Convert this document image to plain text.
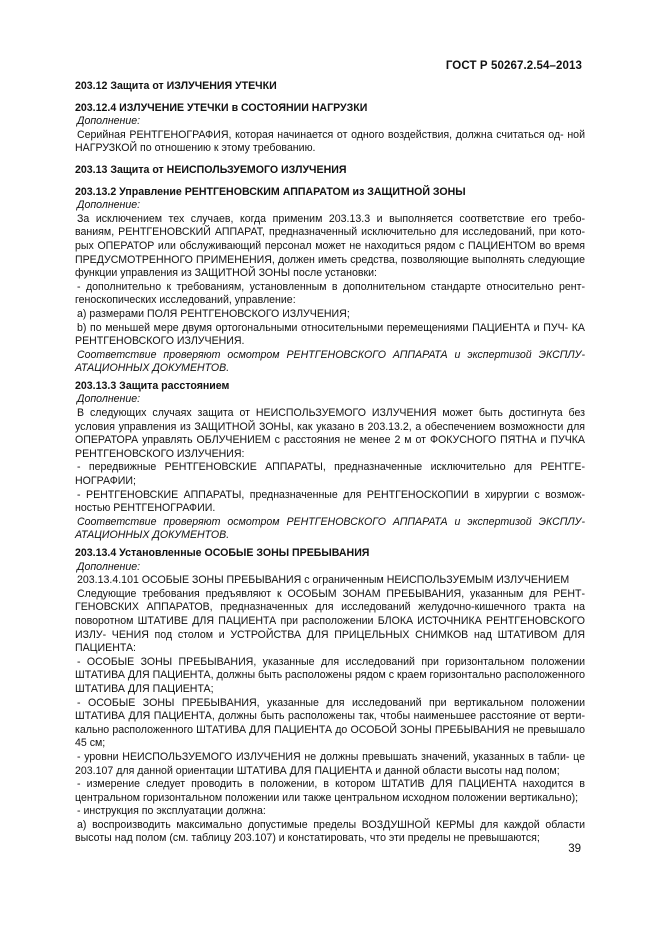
ГОСТ Р 50267.2.54–2013

203.12 Защита от ИЗЛУЧЕНИЯ УТЕЧКИ

203.12.4 ИЗЛУЧЕНИЕ УТЕЧКИ в СОСТОЯНИИ НАГРУЗКИ

Дополнение:

Серийная РЕНТГЕНОГРАФИЯ, которая начинается от одного воздействия, должна считаться од- ной НАГРУЗКОЙ по отношению к этому требованию.

203.13 Защита от НЕИСПОЛЬЗУЕМОГО ИЗЛУЧЕНИЯ

203.13.2 Управление РЕНТГЕНОВСКИМ АППАРАТОМ из ЗАЩИТНОЙ ЗОНЫ

Дополнение:

За исключением тех случаев, когда применим 203.13.3 и выполняется соответствие его требо- ваниям, РЕНТГЕНОВСКИЙ АППАРАТ, предназначенный исключительно для исследований, при кото- рых ОПЕРАТОР или обслуживающий персонал может не находиться рядом с ПАЦИЕНТОМ во время ПРЕДУСМОТРЕННОГО ПРИМЕНЕНИЯ, должен иметь средства, позволяющие выполнять следующие функции управления из ЗАЩИТНОЙ ЗОНЫ после установки:

- дополнительно к требованиям, установленным в дополнительном стандарте относительно рент- геноскопических исследований, управление:

a) размерами ПОЛЯ РЕНТГЕНОВСКОГО ИЗЛУЧЕНИЯ;

b) по меньшей мере двумя ортогональными относительными перемещениями ПАЦИЕНТА и ПУЧ- КА РЕНТГЕНОВСКОГО ИЗЛУЧЕНИЯ.

Соответствие проверяют осмотром РЕНТГЕНОВСКОГО АППАРАТА и экспертизой ЭКСПЛУ- АТАЦИОННЫХ ДОКУМЕНТОВ.

203.13.3 Защита расстоянием

Дополнение:

В следующих случаях защита от НЕИСПОЛЬЗУЕМОГО ИЗЛУЧЕНИЯ может быть достигнута без условия управления из ЗАЩИТНОЙ ЗОНЫ, как указано в 203.13.2, а обеспечением возможности для ОПЕРАТОРА управлять ОБЛУЧЕНИЕМ с расстояния не менее 2 м от ФОКУСНОГО ПЯТНА и ПУЧКА РЕНТГЕНОВСКОГО ИЗЛУЧЕНИЯ:

- передвижные РЕНТГЕНОВСКИЕ АППАРАТЫ, предназначенные исключительно для РЕНТГЕ- НОГРАФИИ;

- РЕНТГЕНОВСКИЕ АППАРАТЫ, предназначенные для РЕНТГЕНОСКОПИИ в хирургии с возмож- ностью РЕНТГЕНОГРАФИИ.

Соответствие проверяют осмотром РЕНТГЕНОВСКОГО АППАРАТА и экспертизой ЭКСПЛУ- АТАЦИОННЫХ ДОКУМЕНТОВ.

203.13.4 Установленные ОСОБЫЕ ЗОНЫ ПРЕБЫВАНИЯ

Дополнение:

203.13.4.101 ОСОБЫЕ ЗОНЫ ПРЕБЫВАНИЯ с ограниченным НЕИСПОЛЬЗУЕМЫМ ИЗЛУЧЕНИЕМ

Следующие требования предъявляют к ОСОБЫМ ЗОНАМ ПРЕБЫВАНИЯ, указанным для РЕНТ- ГЕНОВСКИХ АППАРАТОВ, предназначенных для исследований желудочно-кишечного тракта на поворотном ШТАТИВЕ ДЛЯ ПАЦИЕНТА при расположении БЛОКА ИСТОЧНИКА РЕНТГЕНОВСКОГО ИЗЛУ- ЧЕНИЯ под столом и УСТРОЙСТВА ДЛЯ ПРИЦЕЛЬНЫХ СНИМКОВ над ШТАТИВОМ ДЛЯ ПАЦИЕНТА:

- ОСОБЫЕ ЗОНЫ ПРЕБЫВАНИЯ, указанные для исследований при горизонтальном положении ШТАТИВА ДЛЯ ПАЦИЕНТА, должны быть расположены рядом с краем горизонтально расположенного ШТАТИВА ДЛЯ ПАЦИЕНТА;

- ОСОБЫЕ ЗОНЫ ПРЕБЫВАНИЯ, указанные для исследований при вертикальном положении ШТАТИВА ДЛЯ ПАЦИЕНТА, должны быть расположены так, чтобы наименьшее расстояние от верти- кально расположенного ШТАТИВА ДЛЯ ПАЦИЕНТА до ОСОБОЙ ЗОНЫ ПРЕБЫВАНИЯ не превышало 45 см;

- уровни НЕИСПОЛЬЗУЕМОГО ИЗЛУЧЕНИЯ не должны превышать значений, указанных в табли- це 203.107 для данной ориентации ШТАТИВА ДЛЯ ПАЦИЕНТА и данной области высоты над полом;

- измерение следует проводить в положении, в котором ШТАТИВ ДЛЯ ПАЦИЕНТА находится в центральном горизонтальном положении или также центральном исходном положении вертикально);

- инструкция по эксплуатации должна:

a) воспроизводить максимально допустимые пределы ВОЗДУШНОЙ КЕРМЫ для каждой области высоты над полом (см. таблицу 203.107) и констатировать, что эти пределы не превышаются;

39
